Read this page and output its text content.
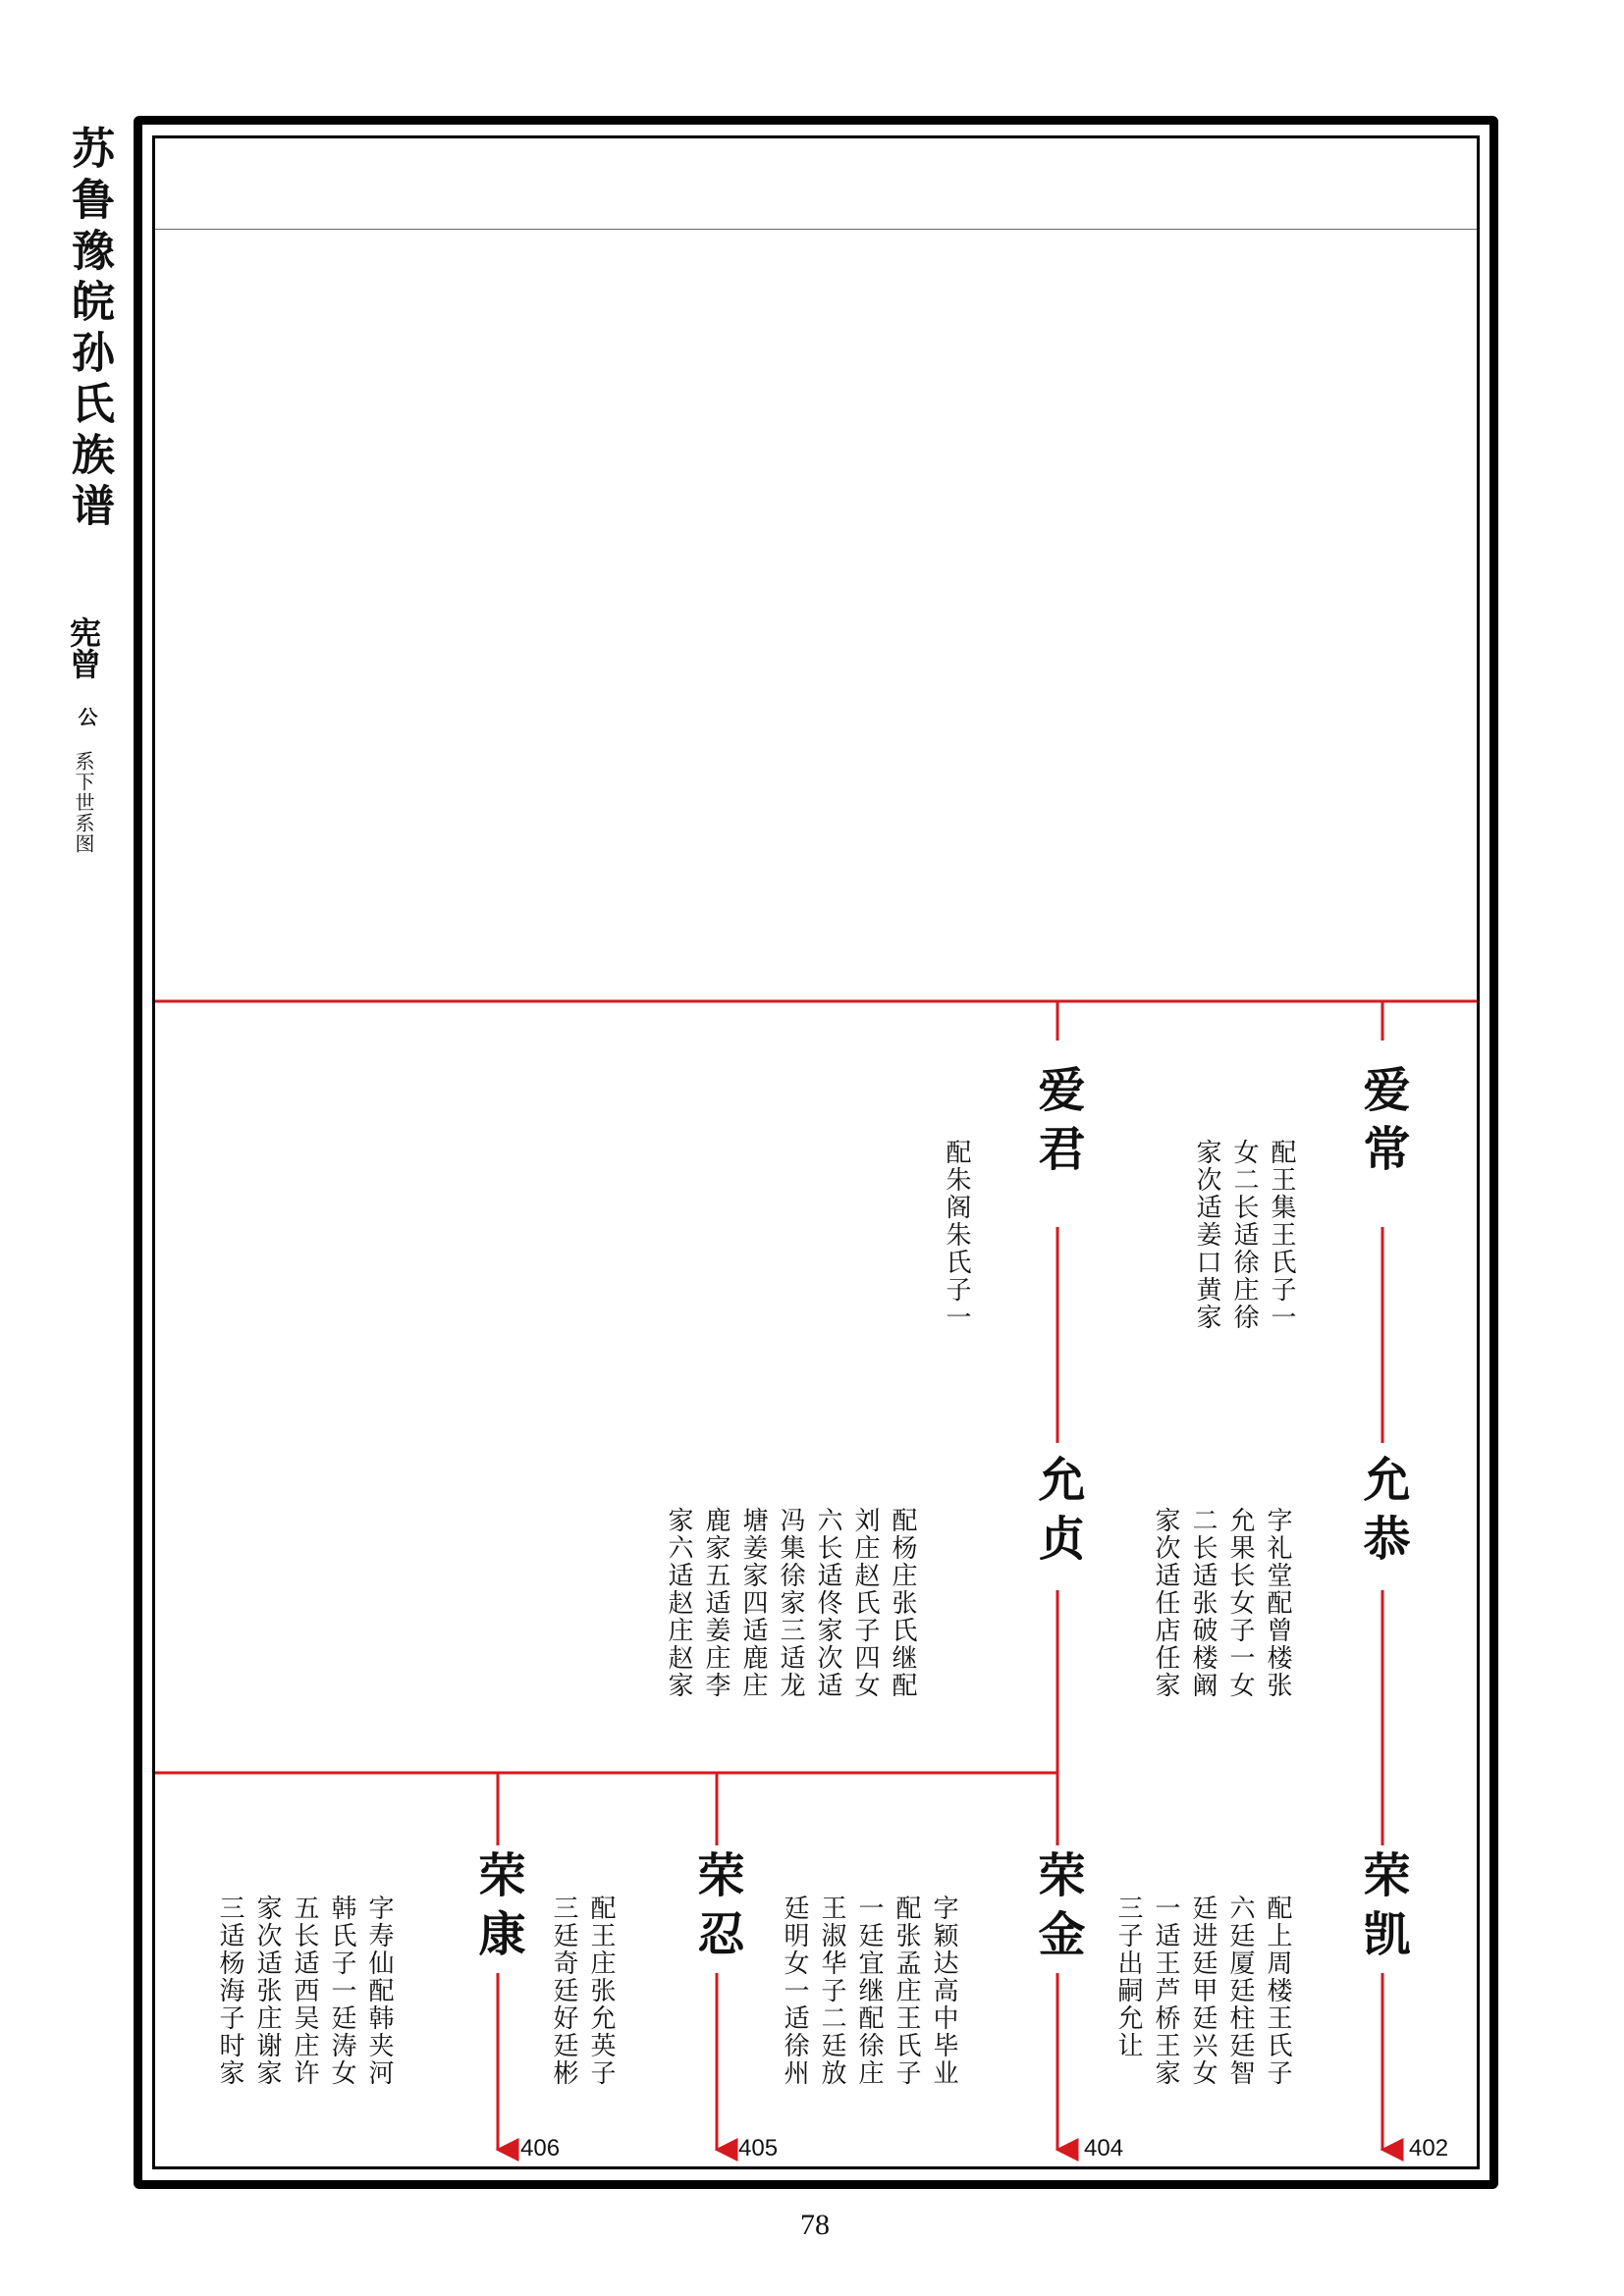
苏鲁豫皖孙氏族谱
宪曾
公
系下世系图
爱常
配王集王氏子一女二长适徐庄徐家次适姜口黄家
爱君
配朱阁朱氏子一
允恭
字礼堂配曾楼张允果长女子一女二长适张破楼阚家次适任店任家
允贞
配杨庄张氏继配刘庄赵氏子四女六长适佟家次适冯集徐家三适龙塘姜家四适鹿庄鹿家五适姜庄李家六适赵庄赵家
荣凯
配上周楼王氏子六廷厦廷柱廷智廷进廷甲廷兴女一适王芦桥王家三子出嗣允让
荣金
字颖达高中毕业配张孟庄王氏子一廷宜继配徐庄王淑华子二廷放廷明女一适徐州
荣忍
配王庄张允英子三廷奇廷好廷彬
荣康
字寿仙配韩夹河韩氏子一廷涛女五长适西吴庄许家次适张庄谢家三适杨海子时家
402
404
405
406
78
